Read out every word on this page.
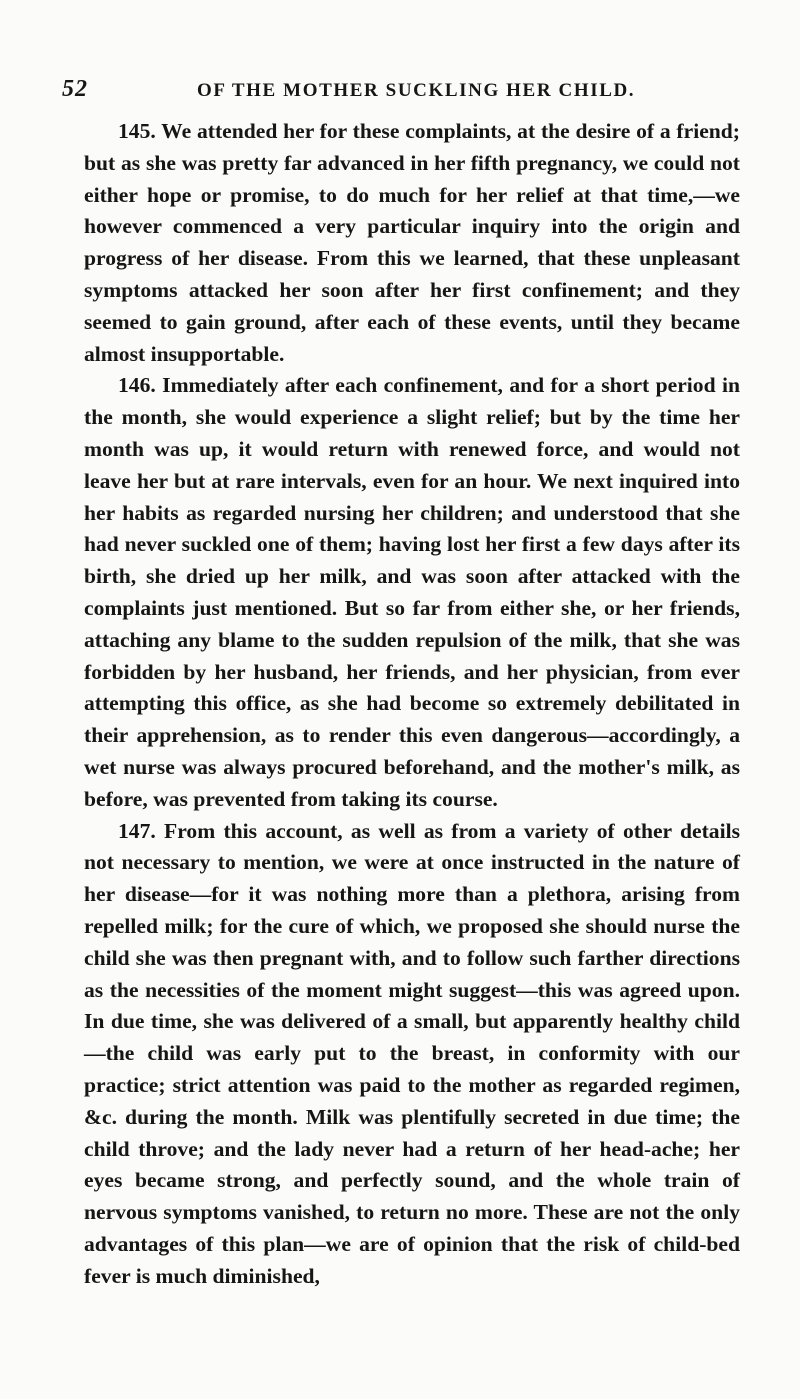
52	OF THE MOTHER SUCKLING HER CHILD.

145. We attended her for these complaints, at the desire of a friend; but as she was pretty far advanced in her fifth pregnancy, we could not either hope or promise, to do much for her relief at that time,—we however commenced a very particular inquiry into the origin and progress of her disease. From this we learned, that these unpleasant symptoms attacked her soon after her first confinement; and they seemed to gain ground, after each of these events, until they became almost insupportable.

146. Immediately after each confinement, and for a short period in the month, she would experience a slight relief; but by the time her month was up, it would return with renewed force, and would not leave her but at rare intervals, even for an hour. We next inquired into her habits as regarded nursing her children; and understood that she had never suckled one of them; having lost her first a few days after its birth, she dried up her milk, and was soon after attacked with the complaints just mentioned. But so far from either she, or her friends, attaching any blame to the sudden repulsion of the milk, that she was forbidden by her husband, her friends, and her physician, from ever attempting this office, as she had become so extremely debilitated in their apprehension, as to render this even dangerous—accordingly, a wet nurse was always procured beforehand, and the mother's milk, as before, was prevented from taking its course.

147. From this account, as well as from a variety of other details not necessary to mention, we were at once instructed in the nature of her disease—for it was nothing more than a plethora, arising from repelled milk; for the cure of which, we proposed she should nurse the child she was then pregnant with, and to follow such farther directions as the necessities of the moment might suggest—this was agreed upon. In due time, she was delivered of a small, but apparently healthy child—the child was early put to the breast, in conformity with our practice; strict attention was paid to the mother as regarded regimen, &c. during the month. Milk was plentifully secreted in due time; the child throve; and the lady never had a return of her head-ache; her eyes became strong, and perfectly sound, and the whole train of nervous symptoms vanished, to return no more. These are not the only advantages of this plan—we are of opinion that the risk of child-bed fever is much diminished,
